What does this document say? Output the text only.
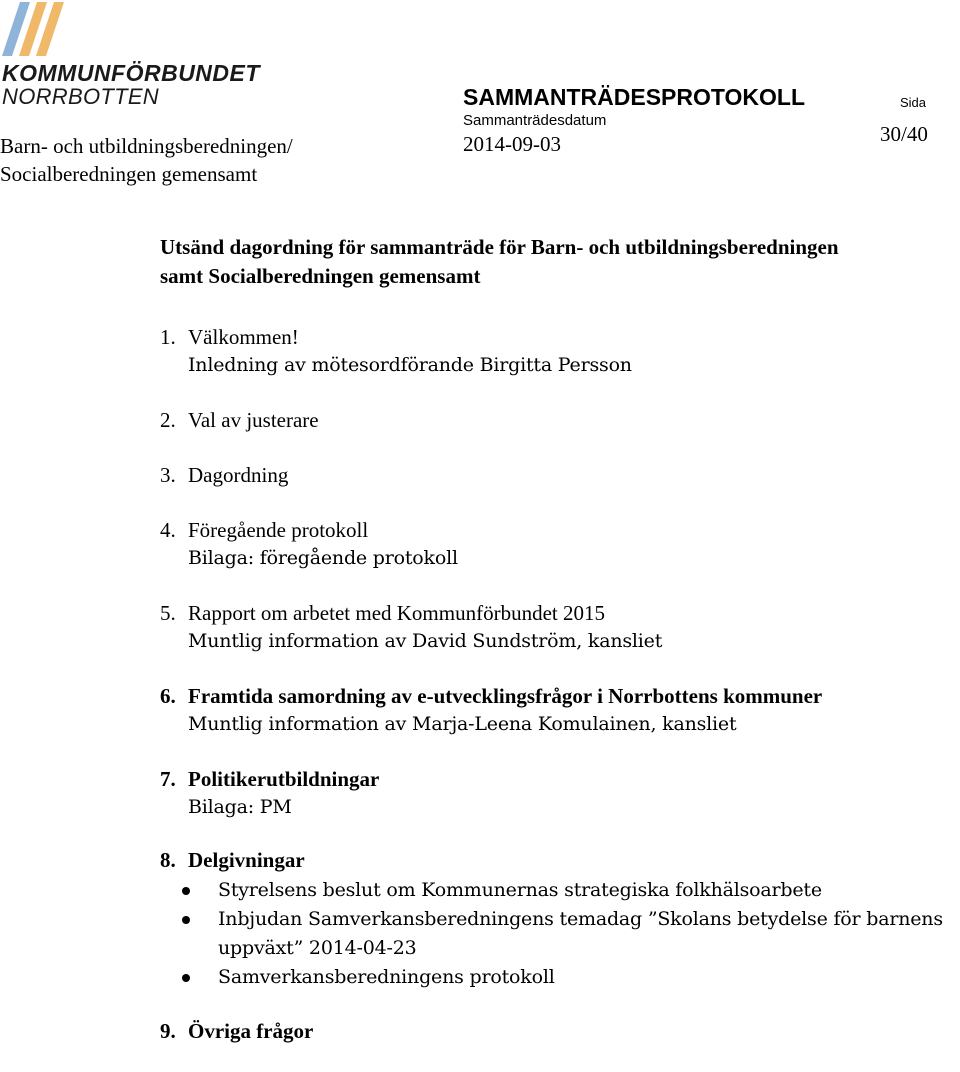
KOMMUNFÖRBUNDET
NORRBOTTEN
Barn- och utbildningsberedningen/
Socialberedningen gemensamt
SAMMANTRÄDESPROTOKOLL
Sammanträdesdatum
2014-09-03
Sida
30/40
Utsänd dagordning för sammanträde för Barn- och utbildningsberedningen
samt Socialberedningen gemensamt
1. Välkommen!
Inledning av mötesordförande Birgitta Persson
2. Val av justerare
3. Dagordning
4. Föregående protokoll
Bilaga: föregående protokoll
5. Rapport om arbetet med Kommunförbundet 2015
Muntlig information av David Sundström, kansliet
6. Framtida samordning av e-utvecklingsfrågor i Norrbottens kommuner
Muntlig information av Marja-Leena Komulainen, kansliet
7. Politikerutbildningar
Bilaga: PM
8. Delgivningar
Styrelsens beslut om Kommunernas strategiska folkhälsoarbete
Inbjudan Samverkansberedningens temadag ”Skolans betydelse för barnens uppväxt” 2014-04-23
Samverkansberedningens protokoll
9. Övriga frågor
